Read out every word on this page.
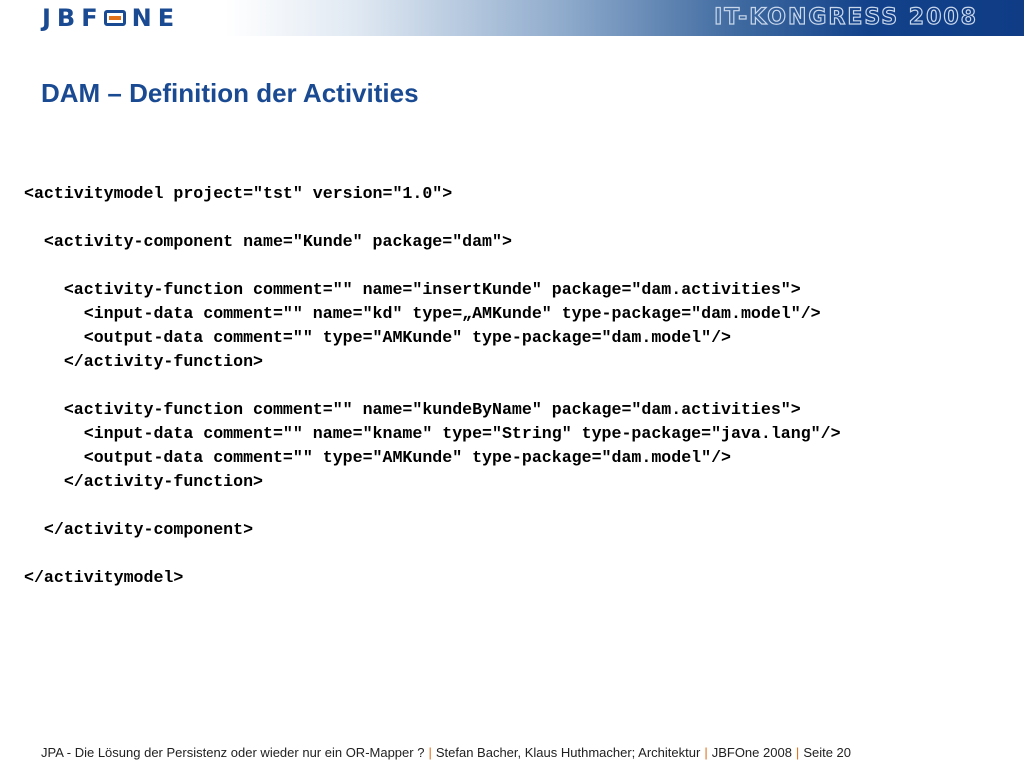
JBF NE	IT-KONGRESS 2008
DAM – Definition der Activities
<activitymodel project="tst" version="1.0">
<activity-component name="Kunde" package="dam">
<activity-function comment="" name="insertKunde" package="dam.activities">
<input-data comment="" name="kd" type=„AMKunde" type-package="dam.model"/>
<output-data comment="" type="AMKunde" type-package="dam.model"/>
</activity-function>
<activity-function comment="" name="kundeByName" package="dam.activities">
<input-data comment="" name="kname" type="String" type-package="java.lang"/>
<output-data comment="" type="AMKunde" type-package="dam.model"/>
</activity-function>
</activity-component>
</activitymodel>
JPA - Die Lösung der Persistenz oder wieder nur ein OR-Mapper ? | Stefan Bacher, Klaus Huthmacher; Architektur | JBFOne 2008 | Seite 20
